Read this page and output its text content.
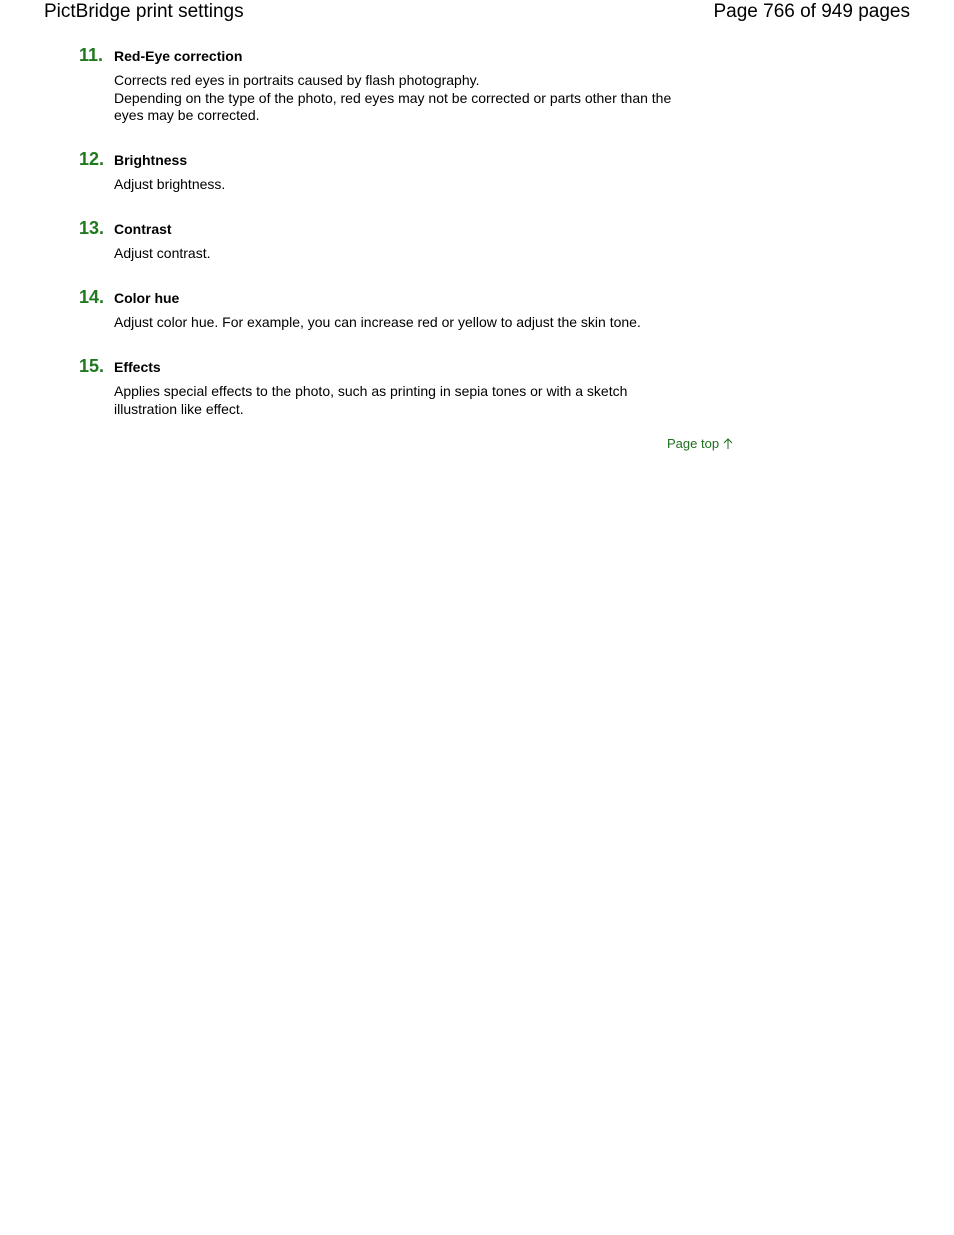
PictBridge print settings	Page 766 of 949 pages
11. Red-Eye correction

Corrects red eyes in portraits caused by flash photography.

Depending on the type of the photo, red eyes may not be corrected or parts other than the eyes may be corrected.

12. Brightness

Adjust brightness.

13. Contrast

Adjust contrast.

14. Color hue

Adjust color hue. For example, you can increase red or yellow to adjust the skin tone.

15. Effects

Applies special effects to the photo, such as printing in sepia tones or with a sketch illustration like effect.

Page top
